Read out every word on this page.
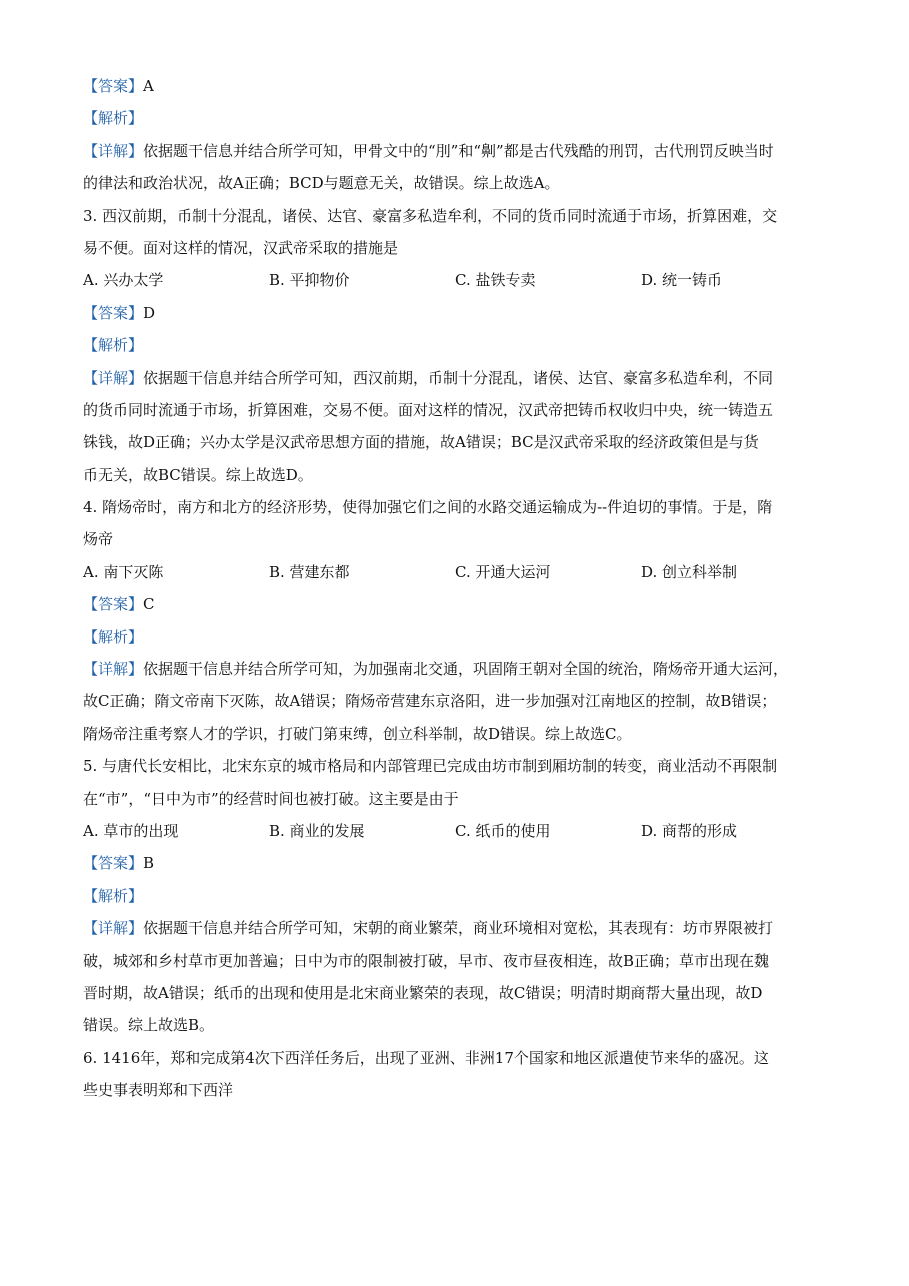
【答案】A
【解析】
【详解】依据题干信息并结合所学可知，甲骨文中的“刖”和“劓”都是古代残酷的刑罚，古代刑罚反映当时
的律法和政治状况，故A正确；BCD与题意无关，故错误。综上故选A。
3. 西汉前期，币制十分混乱，诸侯、达官、豪富多私造牟利，不同的货币同时流通于市场，折算困难，交
易不便。面对这样的情况，汉武帝采取的措施是
A. 兴办太学	B. 平抑物价	C. 盐铁专卖	D. 统一铸币
【答案】D
【解析】
【详解】依据题干信息并结合所学可知，西汉前期，币制十分混乱，诸侯、达官、豪富多私造牟利，不同
的货币同时流通于市场，折算困难，交易不便。面对这样的情况，汉武帝把铸币权收归中央，统一铸造五
铢钱，故D正确；兴办太学是汉武帝思想方面的措施，故A错误；BC是汉武帝采取的经济政策但是与货
币无关，故BC错误。综上故选D。
4. 隋炀帝时，南方和北方的经济形势，使得加强它们之间的水路交通运输成为--件迫切的事情。于是，隋
炀帝
A. 南下灭陈	B. 营建东都	C. 开通大运河	D. 创立科举制
【答案】C
【解析】
【详解】依据题干信息并结合所学可知，为加强南北交通，巩固隋王朝对全国的统治，隋炀帝开通大运河，
故C正确；隋文帝南下灭陈，故A错误；隋炀帝营建东京洛阳，进一步加强对江南地区的控制，故B错误；
隋炀帝注重考察人才的学识，打破门第束缚，创立科举制，故D错误。综上故选C。
5. 与唐代长安相比，北宋东京的城市格局和内部管理已完成由坊市制到厢坊制的转变，商业活动不再限制
在“市”，“日中为市”的经营时间也被打破。这主要是由于
A. 草市的出现	B. 商业的发展	C. 纸币的使用	D. 商帮的形成
【答案】B
【解析】
【详解】依据题干信息并结合所学可知，宋朝的商业繁荣，商业环境相对宽松，其表现有：坊市界限被打
破，城郊和乡村草市更加普遍；日中为市的限制被打破，早市、夜市昼夜相连，故B正确；草市出现在魏
晋时期，故A错误；纸币的出现和使用是北宋商业繁荣的表现，故C错误；明清时期商帮大量出现，故D
错误。综上故选B。
6. 1416年，郑和完成第4次下西洋任务后，出现了亚洲、非洲17个国家和地区派遣使节来华的盛况。这
些史事表明郑和下西洋
